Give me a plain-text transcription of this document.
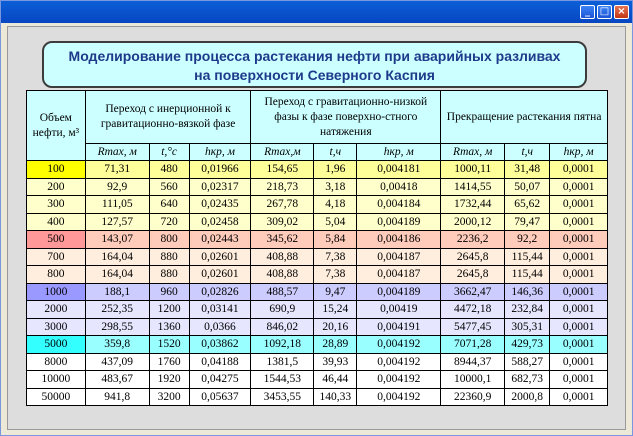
_ □ ×
Моделирование процесса растекания нефти при аварийных разливах
на поверхности Северного Каспия
Объем нефти, м³	Переход с инерционной к гравитационно-вязкой фазе			Переход с гравитационно-низкой фазы к фазе поверхно-стного натяжения			Прекращение растекания пятна		
	Rmax, м	t,°c	hкр, м	Rmax,м	t,ч	hкр, м	Rmax, м	t,ч	hкр, м
100	71,31	480	0,01966	154,65	1,96	0,004181	1000,11	31,48	0,0001
200	92,9	560	0,02317	218,73	3,18	0,00418	1414,55	50,07	0,0001
300	111,05	640	0,02435	267,78	4,18	0,004184	1732,44	65,62	0,0001
400	127,57	720	0,02458	309,02	5,04	0,004189	2000,12	79,47	0,0001
500	143,07	800	0,02443	345,62	5,84	0,004186	2236,2	92,2	0,0001
700	164,04	880	0,02601	408,88	7,38	0,004187	2645,8	115,44	0,0001
800	164,04	880	0,02601	408,88	7,38	0,004187	2645,8	115,44	0,0001
1000	188,1	960	0,02826	488,57	9,47	0,004189	3662,47	146,36	0,0001
2000	252,35	1200	0,03141	690,9	15,24	0,00419	4472,18	232,84	0,0001
3000	298,55	1360	0,0366	846,02	20,16	0,004191	5477,45	305,31	0,0001
5000	359,8	1520	0,03862	1092,18	28,89	0,004192	7071,28	429,73	0,0001
8000	437,09	1760	0,04188	1381,5	39,93	0,004192	8944,37	588,27	0,0001
10000	483,67	1920	0,04275	1544,53	46,44	0,004192	10000,1	682,73	0,0001
50000	941,8	3200	0,05637	3453,55	140,33	0,004192	22360,9	2000,8	0,0001
